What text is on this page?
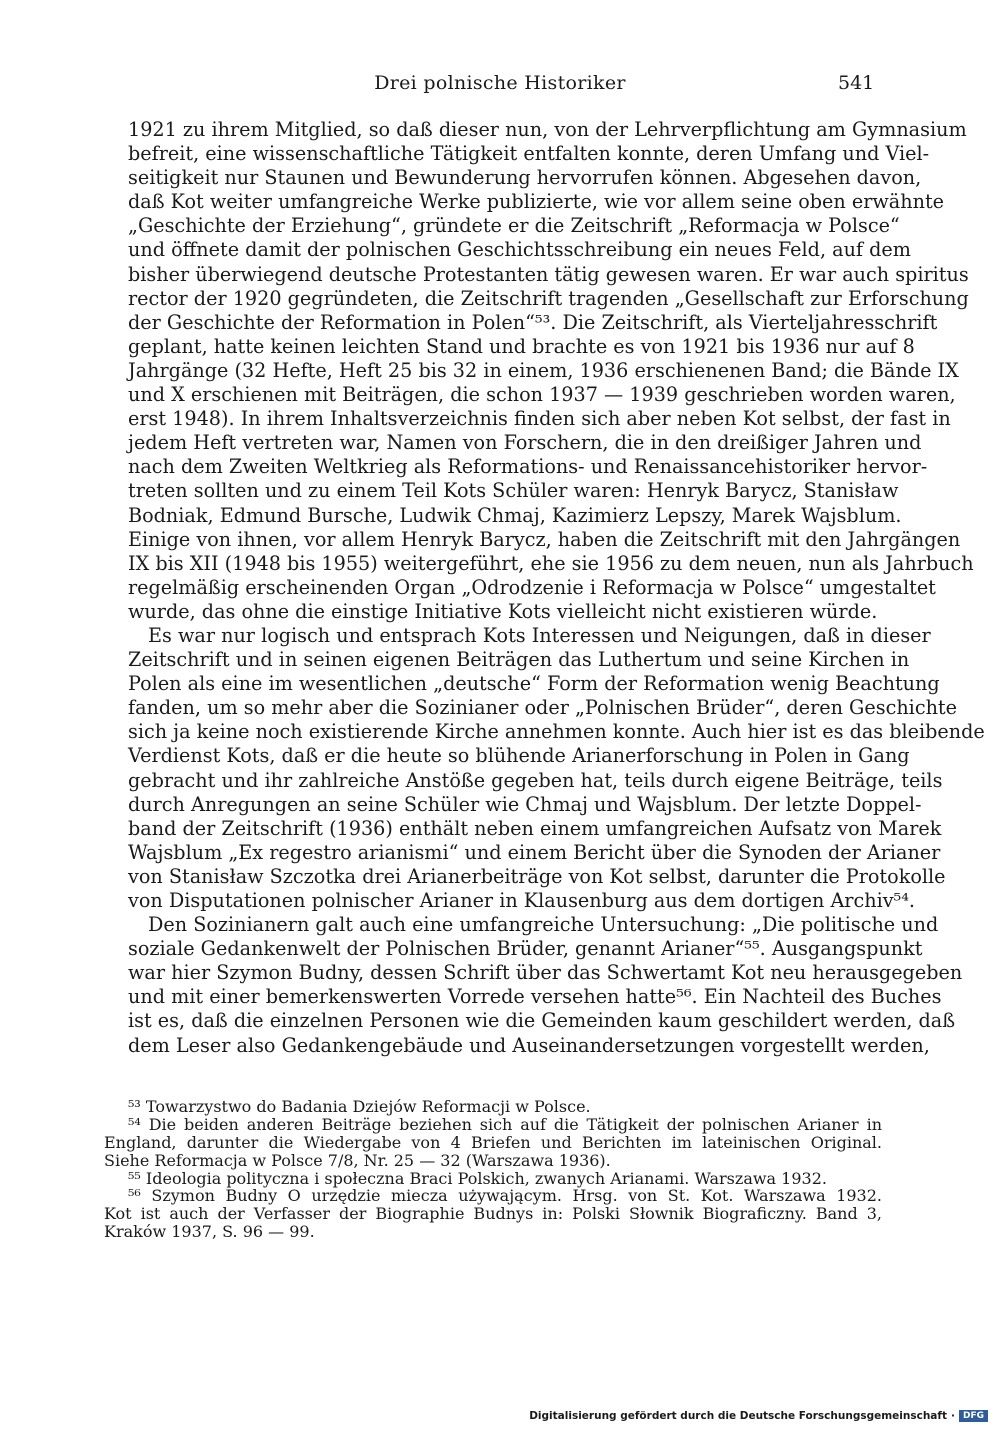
Drei polnische Historiker	541
1921 zu ihrem Mitglied, so daß dieser nun, von der Lehrverpflichtung am Gymnasium
befreit, eine wissenschaftliche Tätigkeit entfalten konnte, deren Umfang und Viel-
seitigkeit nur Staunen und Bewunderung hervorrufen können. Abgesehen davon,
daß Kot weiter umfangreiche Werke publizierte, wie vor allem seine oben erwähnte
„Geschichte der Erziehung“, gründete er die Zeitschrift „Reformacja w Polsce“
und öffnete damit der polnischen Geschichtsschreibung ein neues Feld, auf dem
bisher überwiegend deutsche Protestanten tätig gewesen waren. Er war auch spiritus
rector der 1920 gegründeten, die Zeitschrift tragenden „Gesellschaft zur Erforschung
der Geschichte der Reformation in Polen“⁵³. Die Zeitschrift, als Vierteljahresschrift
geplant, hatte keinen leichten Stand und brachte es von 1921 bis 1936 nur auf 8
Jahrgänge (32 Hefte, Heft 25 bis 32 in einem, 1936 erschienenen Band; die Bände IX
und X erschienen mit Beiträgen, die schon 1937 — 1939 geschrieben worden waren,
erst 1948). In ihrem Inhaltsverzeichnis finden sich aber neben Kot selbst, der fast in
jedem Heft vertreten war, Namen von Forschern, die in den dreißiger Jahren und
nach dem Zweiten Weltkrieg als Reformations- und Renaissancehistoriker hervor-
treten sollten und zu einem Teil Kots Schüler waren: Henryk Barycz, Stanisław
Bodniak, Edmund Bursche, Ludwik Chmaj, Kazimierz Lepszy, Marek Wajsblum.
Einige von ihnen, vor allem Henryk Barycz, haben die Zeitschrift mit den Jahrgängen
IX bis XII (1948 bis 1955) weitergeführt, ehe sie 1956 zu dem neuen, nun als Jahrbuch
regelmäßig erscheinenden Organ „Odrodzenie i Reformacja w Polsce“ umgestaltet
wurde, das ohne die einstige Initiative Kots vielleicht nicht existieren würde.
Es war nur logisch und entsprach Kots Interessen und Neigungen, daß in dieser
Zeitschrift und in seinen eigenen Beiträgen das Luthertum und seine Kirchen in
Polen als eine im wesentlichen „deutsche“ Form der Reformation wenig Beachtung
fanden, um so mehr aber die Sozinianer oder „Polnischen Brüder“, deren Geschichte
sich ja keine noch existierende Kirche annehmen konnte. Auch hier ist es das bleibende
Verdienst Kots, daß er die heute so blühende Arianerforschung in Polen in Gang
gebracht und ihr zahlreiche Anstöße gegeben hat, teils durch eigene Beiträge, teils
durch Anregungen an seine Schüler wie Chmaj und Wajsblum. Der letzte Doppel-
band der Zeitschrift (1936) enthält neben einem umfangreichen Aufsatz von Marek
Wajsblum „Ex regestro arianismi“ und einem Bericht über die Synoden der Arianer
von Stanisław Szczotka drei Arianerbeiträge von Kot selbst, darunter die Protokolle
von Disputationen polnischer Arianer in Klausenburg aus dem dortigen Archiv⁵⁴.
Den Sozinianern galt auch eine umfangreiche Untersuchung: „Die politische und
soziale Gedankenwelt der Polnischen Brüder, genannt Arianer“⁵⁵. Ausgangspunkt
war hier Szymon Budny, dessen Schrift über das Schwertamt Kot neu herausgegeben
und mit einer bemerkenswerten Vorrede versehen hatte⁵⁶. Ein Nachteil des Buches
ist es, daß die einzelnen Personen wie die Gemeinden kaum geschildert werden, daß
dem Leser also Gedankengebäude und Auseinandersetzungen vorgestellt werden,
⁵³ Towarzystwo do Badania Dziejów Reformacji w Polsce.
⁵⁴ Die beiden anderen Beiträge beziehen sich auf die Tätigkeit der polnischen Arianer in
England, darunter die Wiedergabe von 4 Briefen und Berichten im lateinischen Original.
Siehe Reformacja w Polsce 7/8, Nr. 25 — 32 (Warszawa 1936).
⁵⁵ Ideologia polityczna i społeczna Braci Polskich, zwanych Arianami. Warszawa 1932.
⁵⁶ Szymon Budny O urzędzie miecza używającym. Hrsg. von St. Kot. Warszawa 1932.
Kot ist auch der Verfasser der Biographie Budnys in: Polski Słownik Biograficzny. Band 3,
Kraków 1937, S. 96 — 99.
Digitalisierung gefördert durch die Deutsche Forschungsgemeinschaft · DFG
